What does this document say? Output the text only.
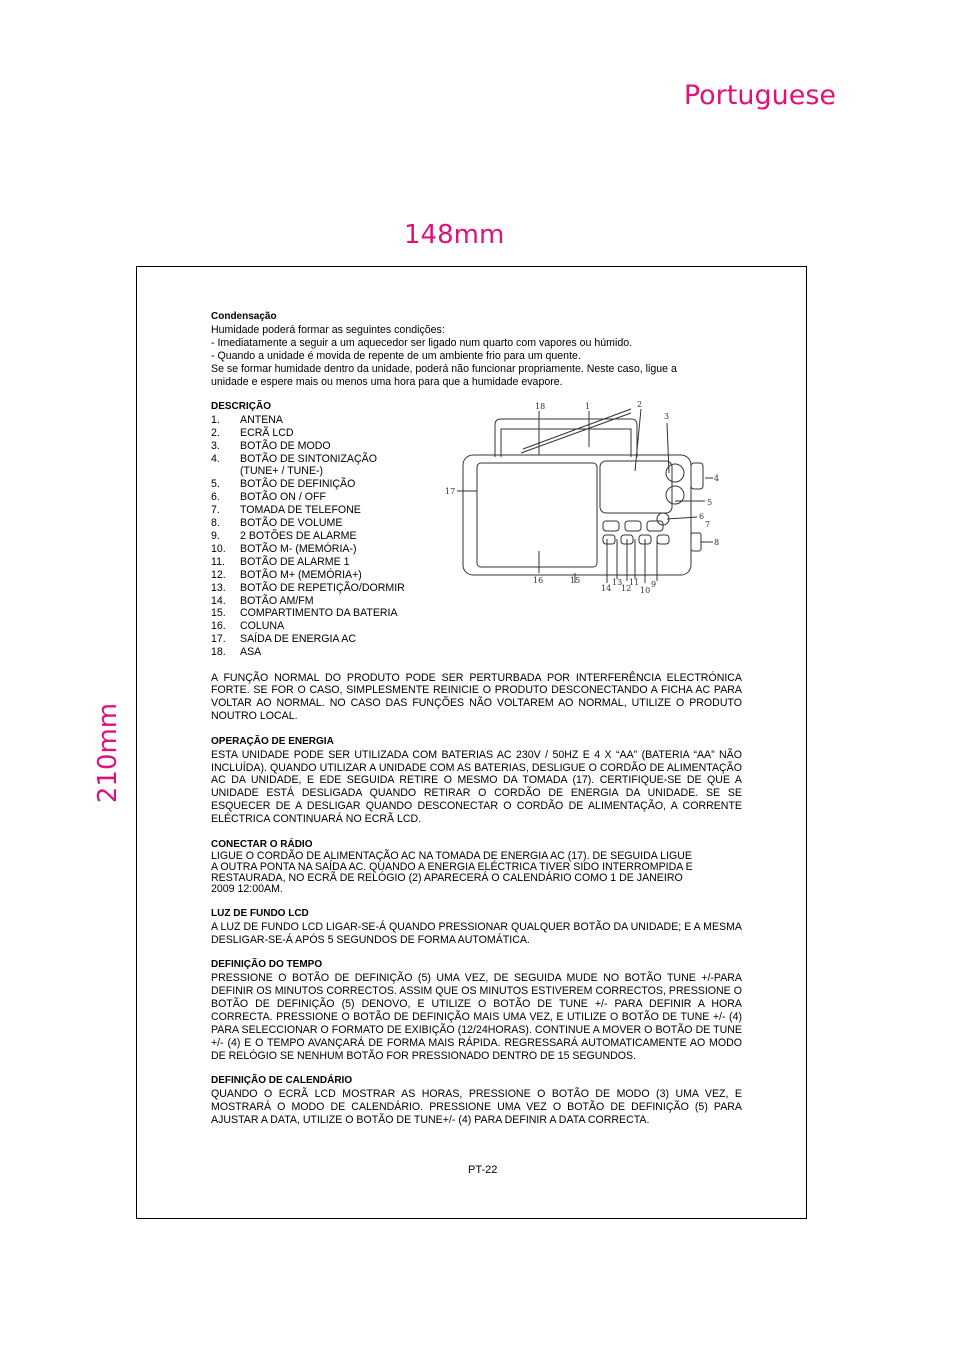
Portuguese
148mm
210mm

Condensação

Humidade poderá formar as seguintes condições:

- Imediatamente a seguir a um aquecedor ser ligado num quarto com vapores ou húmido.

- Quando a unidade é movida de repente de um ambiente frio para um quente.

Se se formar humidade dentro da unidade, poderá não funcionar propriamente. Neste caso, ligue a

unidade e espere mais ou menos uma hora para que a humidade evapore.

DESCRIÇÃO

1.	ANTENA
2.	ECRÃ LCD
3.	BOTÃO DE MODO
4.	BOTÃO DE SINTONIZAÇÃO
(TUNE+ / TUNE-)
5.	BOTÃO DE DEFINIÇÃO
6.	BOTÃO ON / OFF
7.	TOMADA DE TELEFONE
8.	BOTÃO DE VOLUME
9.	2 BOTÕES DE ALARME
10.	BOTÃO M- (MEMÓRIA-)
11.	BOTÃO DE ALARME 1
12.	BOTÃO M+ (MEMÓRIA+)
13.	BOTÃO DE REPETIÇÃO/DORMIR
14.	BOTÃO AM/FM
15.	COMPARTIMENTO DA BATERIA
16.	COLUNA
17.	SAÍDA DE ENERGIA AC
18.	ASA
18	1	2
3
4
5
6
7
8
17
16	15
14
13
12
11
10
9

A FUNÇÃO NORMAL DO PRODUTO PODE SER PERTURBADA POR INTERFERÊNCIA ELECTRÓNICA FORTE. SE FOR O CASO, SIMPLESMENTE REINICIE O PRODUTO DESCONECTANDO A FICHA AC PARA VOLTAR AO NORMAL. NO CASO DAS FUNÇÕES NÃO VOLTAREM AO NORMAL, UTILIZE O PRODUTO NOUTRO LOCAL.

OPERAÇÃO DE ENERGIA

ESTA UNIDADE PODE SER UTILIZADA COM BATERIAS AC 230V / 50HZ E 4 X “AA” (BATERIA “AA” NÃO INCLUÍDA). QUANDO UTILIZAR A UNIDADE COM AS BATERIAS, DESLIGUE O CORDÃO DE ALIMENTAÇÃO AC DA UNIDADE, E EDE SEGUIDA RETIRE O MESMO DA TOMADA (17). CERTIFIQUE-SE DE QUE A UNIDADE ESTÁ DESLIGADA QUANDO RETIRAR O CORDÃO DE ENERGIA DA UNIDADE. SE SE ESQUECER DE A DESLIGAR QUANDO DESCONECTAR O CORDÃO DE ALIMENTAÇÃO, A CORRENTE ELÉCTRICA CONTINUARÁ NO ECRÃ LCD.

CONECTAR O RÁDIO

LIGUE O CORDÃO DE ALIMENTAÇÃO AC NA TOMADA DE ENERGIA AC (17). DE SEGUIDA LIGUE

A OUTRA PONTA NA SAÍDA AC. QUANDO A ENERGIA ELÉCTRICA TIVER SIDO INTERROMPIDA E

RESTAURADA, NO ECRÃ DE RELÓGIO (2) APARECERÁ O CALENDÁRIO COMO 1 DE JANEIRO

2009 12:00AM.

LUZ DE FUNDO LCD

A LUZ DE FUNDO LCD LIGAR-SE-Á QUANDO PRESSIONAR QUALQUER BOTÃO DA UNIDADE; E A MESMA DESLIGAR-SE-Á APÓS 5 SEGUNDOS DE FORMA AUTOMÁTICA.

DEFINIÇÃO DO TEMPO

PRESSIONE O BOTÃO DE DEFINIÇÃO (5) UMA VEZ, DE SEGUIDA MUDE NO BOTÃO TUNE +/-PARA DEFINIR OS MINUTOS CORRECTOS. ASSIM QUE OS MINUTOS ESTIVEREM CORRECTOS, PRESSIONE O BOTÃO DE DEFINIÇÃO (5) DENOVO, E UTILIZE O BOTÃO DE TUNE +/- PARA DEFINIR A HORA CORRECTA. PRESSIONE O BOTÃO DE DEFINIÇÃO MAIS UMA VEZ, E UTILIZE O BOTÃO DE TUNE +/- (4) PARA SELECCIONAR O FORMATO DE EXIBIÇÃO (12/24HORAS). CONTINUE A MOVER O BOTÃO DE TUNE +/- (4) E O TEMPO AVANÇARÁ DE FORMA MAIS RÁPIDA. REGRESSARÁ AUTOMATICAMENTE AO MODO DE RELÓGIO SE NENHUM BOTÃO FOR PRESSIONADO DENTRO DE 15 SEGUNDOS.

DEFINIÇÃO DE CALENDÁRIO

QUANDO O ECRÃ LCD MOSTRAR AS HORAS, PRESSIONE O BOTÃO DE MODO (3) UMA VEZ, E MOSTRARÁ O MODO DE CALENDÁRIO. PRESSIONE UMA VEZ O BOTÃO DE DEFINIÇÃO (5) PARA AJUSTAR A DATA, UTILIZE O BOTÃO DE TUNE+/- (4) PARA DEFINIR A DATA CORRECTA.

PT-22
